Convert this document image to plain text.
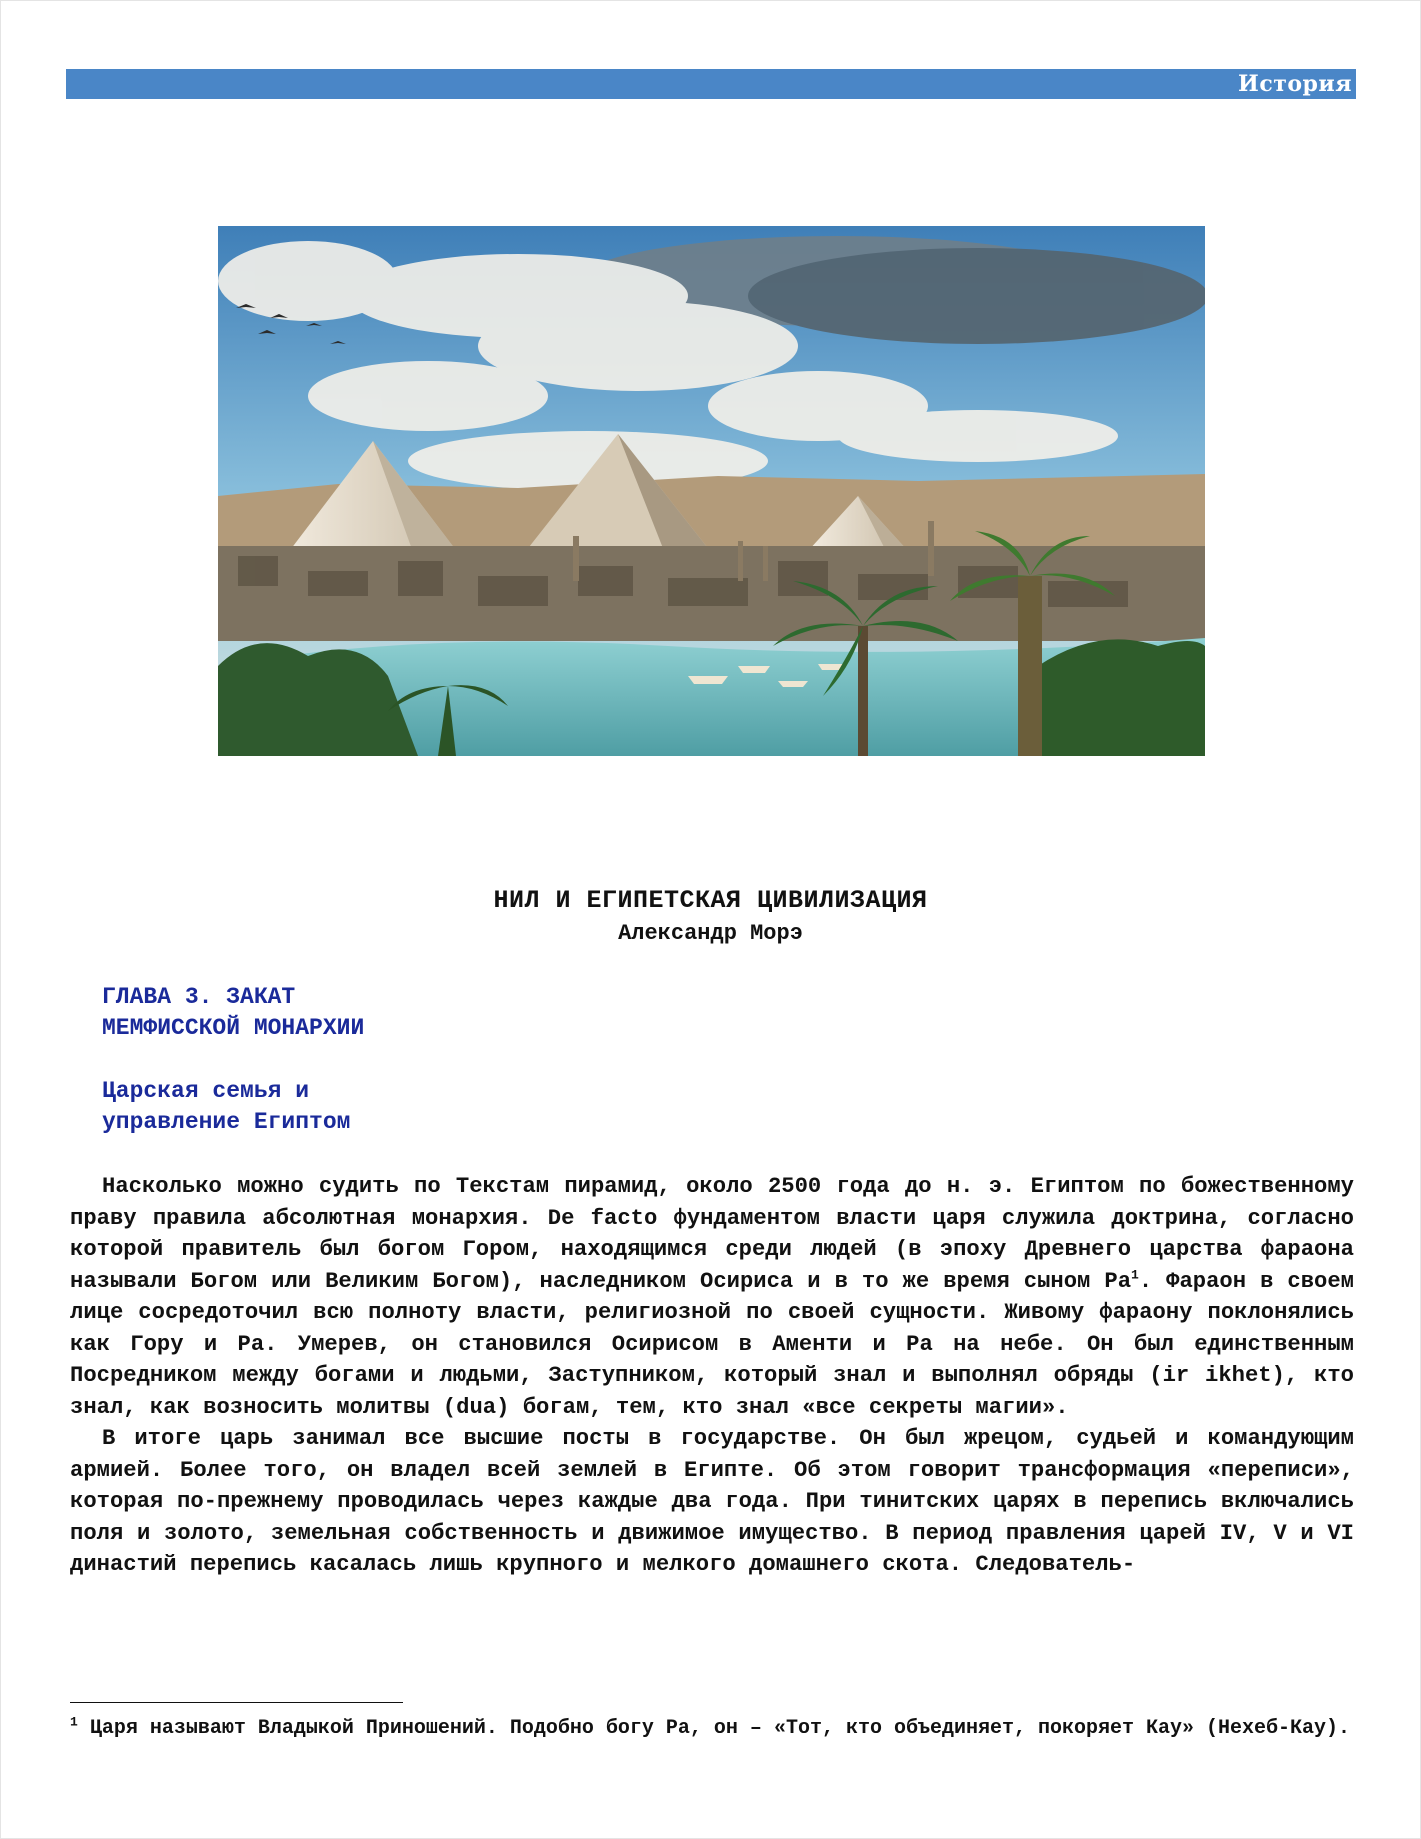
История
НИЛ И ЕГИПЕТСКАЯ ЦИВИЛИЗАЦИЯ
Александр Морэ
ГЛАВА 3. ЗАКАТ
МЕМФИССКОЙ МОНАРХИИ
Царская семья и
управление Египтом

Насколько можно судить по Текстам пирамид, около 2500 года до н. э. Египтом по божественному праву правила абсолютная монархия. De facto фундаментом власти царя служила доктрина, согласно которой правитель был богом Гором, находящимся среди людей (в эпоху Древнего царства фараона называли Богом или Великим Богом), наследником Осириса и в то же время сыном $Ра^1$. Фараон в своем лице сосредоточил всю полноту власти, религиозной по своей сущности. Живому фараону поклонялись как Гору и Ра. Умерев, он становился Осирисом в Аменти и Ра на небе. Он был единственным Посредником между богами и людьми, Заступником, который знал и выполнял обряды (ir ikhet), кто знал, как возносить молитвы (dua) богам, тем, кто знал «все секреты магии».

В итоге царь занимал все высшие посты в государстве. Он был жрецом, судьей и командующим армией. Более того, он владел всей землей в Египте. Об этом говорит трансформация «переписи», которая по-прежнему проводилась через каждые два года. При тинитских царях в перепись включались поля и золото, земельная собственность и движимое имущество. В период правления царей IV, V и VI династий перепись касалась лишь крупного и мелкого домашнего скота. Следователь-

$^1$ Царя называют Владыкой Приношений. Подобно богу Ра, он – «Тот, кто объединяет, покоряет Кау» (Нехеб-Кау).
